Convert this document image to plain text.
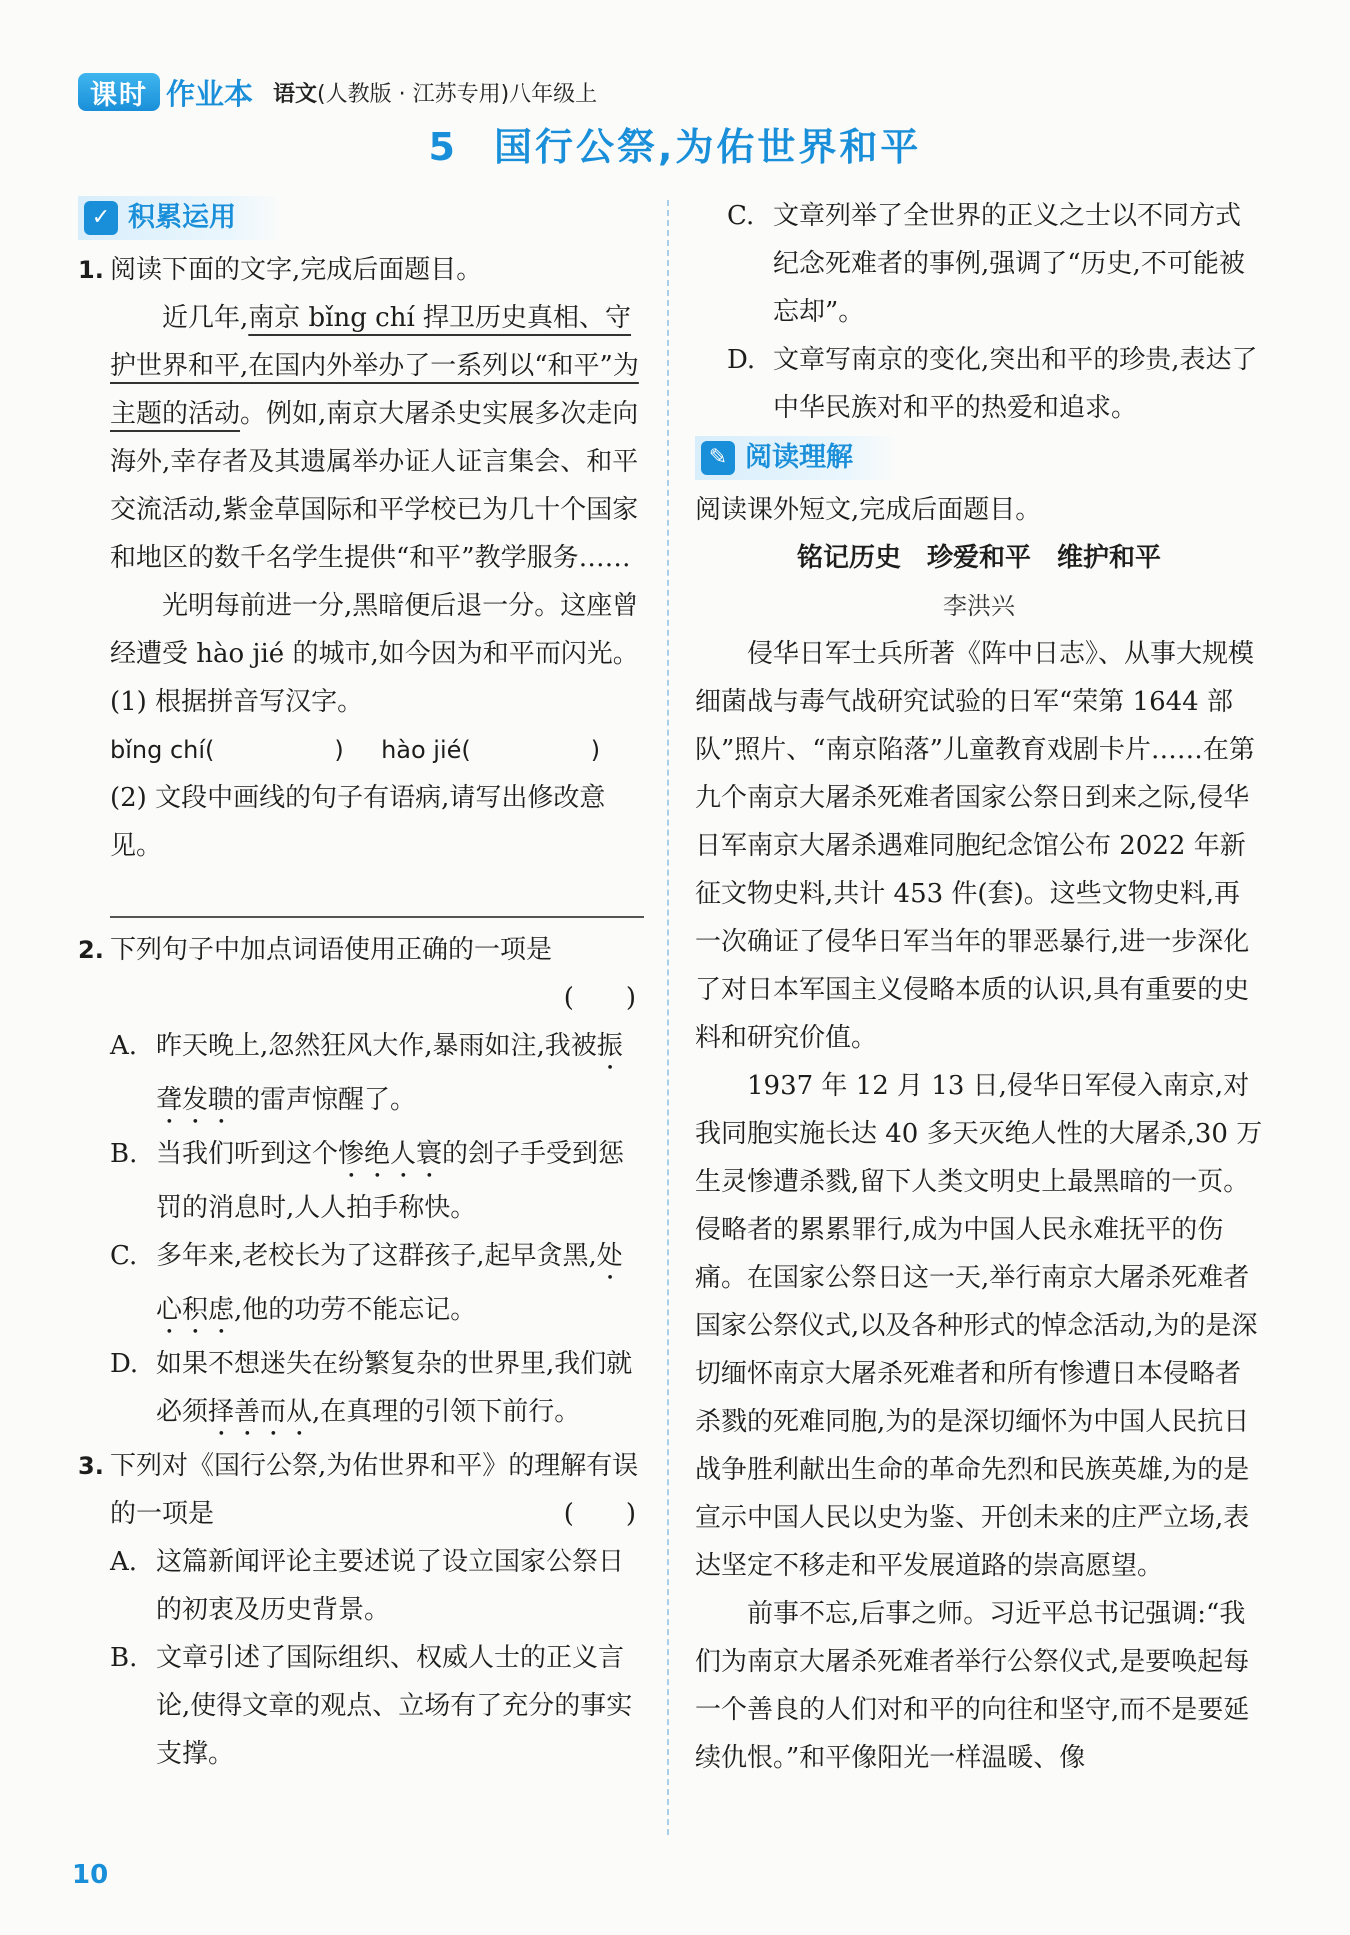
课时 作业本 语文(人教版 · 江苏专用)八年级上
5 国行公祭,为佑世界和平
✓ 积累运用
1. 阅读下面的文字,完成后面题目。

近几年,南京 bǐng chí 捍卫历史真相、守护世界和平,在国内外举办了一系列以“和平”为主题的活动。例如,南京大屠杀史实展多次走向海外,幸存者及其遗属举办证人证言集会、和平交流活动,紫金草国际和平学校已为几十个国家和地区的数千名学生提供“和平”教学服务……

光明每前进一分,黑暗便后退一分。这座曾经遭受 hào jié 的城市,如今因为和平而闪光。

(1) 根据拼音写汉字。

bǐng chí(	) hào jié(	)

(2) 文段中画线的句子有语病,请写出修改意见。

2. 下列句子中加点词语使用正确的一项是

(　　)

A. 昨天晚上,忽然狂风大作,暴雨如注,我被振聋发聩的雷声惊醒了。
B. 当我们听到这个惨绝人寰的刽子手受到惩罚的消息时,人人拍手称快。
C. 多年来,老校长为了这群孩子,起早贪黑,处心积虑,他的功劳不能忘记。
D. 如果不想迷失在纷繁复杂的世界里,我们就必须择善而从,在真理的引领下前行。
3. 下列对《国行公祭,为佑世界和平》的理解有误的一项是	(　　)

A. 这篇新闻评论主要述说了设立国家公祭日的初衷及历史背景。
B. 文章引述了国际组织、权威人士的正义言论,使得文章的观点、立场有了充分的事实支撑。
C. 文章列举了全世界的正义之士以不同方式纪念死难者的事例,强调了“历史,不可能被忘却”。
D. 文章写南京的变化,突出和平的珍贵,表达了中华民族对和平的热爱和追求。
✎ 阅读理解

阅读课外短文,完成后面题目。

铭记历史　珍爱和平　维护和平

李洪兴

侵华日军士兵所著《阵中日志》、从事大规模细菌战与毒气战研究试验的日军“荣第 1644 部队”照片、“南京陷落”儿童教育戏剧卡片……在第九个南京大屠杀死难者国家公祭日到来之际,侵华日军南京大屠杀遇难同胞纪念馆公布 2022 年新征文物史料,共计 453 件(套)。这些文物史料,再一次确证了侵华日军当年的罪恶暴行,进一步深化了对日本军国主义侵略本质的认识,具有重要的史料和研究价值。

1937 年 12 月 13 日,侵华日军侵入南京,对我同胞实施长达 40 多天灭绝人性的大屠杀,30 万生灵惨遭杀戮,留下人类文明史上最黑暗的一页。侵略者的累累罪行,成为中国人民永难抚平的伤痛。在国家公祭日这一天,举行南京大屠杀死难者国家公祭仪式,以及各种形式的悼念活动,为的是深切缅怀南京大屠杀死难者和所有惨遭日本侵略者杀戮的死难同胞,为的是深切缅怀为中国人民抗日战争胜利献出生命的革命先烈和民族英雄,为的是宣示中国人民以史为鉴、开创未来的庄严立场,表达坚定不移走和平发展道路的崇高愿望。

前事不忘,后事之师。习近平总书记强调:“我们为南京大屠杀死难者举行公祭仪式,是要唤起每一个善良的人们对和平的向往和坚守,而不是要延续仇恨。”和平像阳光一样温暖、像

10
